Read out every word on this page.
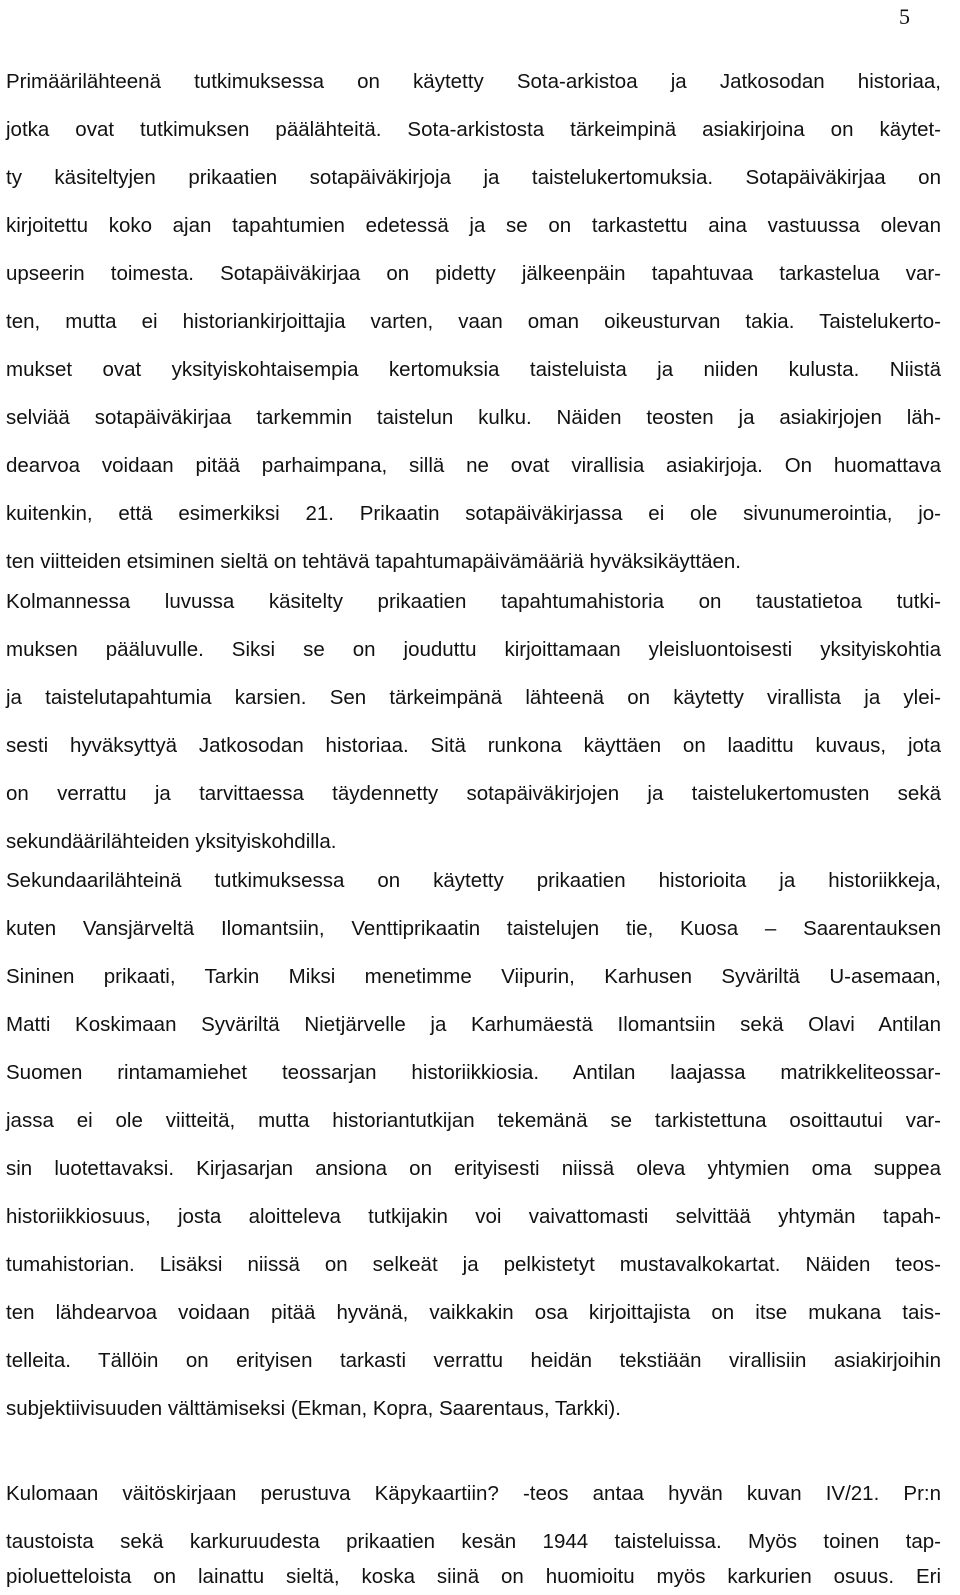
5
Primäärilähteenä tutkimuksessa on käytetty Sota-arkistoa ja Jatkosodan historiaa,
jotka ovat tutkimuksen päälähteitä. Sota-arkistosta tärkeimpinä asiakirjoina on käytet-
ty käsiteltyjen prikaatien sotapäiväkirjoja ja taistelukertomuksia. Sotapäiväkirjaa on
kirjoitettu koko ajan tapahtumien edetessä ja se on tarkastettu aina vastuussa olevan
upseerin toimesta. Sotapäiväkirjaa on pidetty jälkeenpäin tapahtuvaa tarkastelua var-
ten, mutta ei historiankirjoittajia varten, vaan oman oikeusturvan takia. Taistelukerto-
mukset ovat yksityiskohtaisempia kertomuksia taisteluista ja niiden kulusta. Niistä
selviää sotapäiväkirjaa tarkemmin taistelun kulku. Näiden teosten ja asiakirjojen läh-
dearvoa voidaan pitää parhaimpana, sillä ne ovat virallisia asiakirjoja. On huomattava
kuitenkin, että esimerkiksi 21. Prikaatin sotapäiväkirjassa ei ole sivunumerointia, jo-
ten viitteiden etsiminen sieltä on tehtävä tapahtumapäivämääriä hyväksikäyttäen.
Kolmannessa luvussa käsitelty prikaatien tapahtumahistoria on taustatietoa tutki-
muksen pääluvulle. Siksi se on jouduttu kirjoittamaan yleisluontoisesti yksityiskohtia
ja taistelutapahtumia karsien. Sen tärkeimpänä lähteenä on käytetty virallista ja ylei-
sesti hyväksyttyä Jatkosodan historiaa. Sitä runkona käyttäen on laadittu kuvaus, jota
on verrattu ja tarvittaessa täydennetty sotapäiväkirjojen ja taistelukertomusten sekä
sekundäärilähteiden yksityiskohdilla.
Sekundaarilähteinä tutkimuksessa on käytetty prikaatien historioita ja historiikkeja,
kuten Vansjärveltä Ilomantsiin, Venttiprikaatin taistelujen tie, Kuosa – Saarentauksen
Sininen prikaati, Tarkin Miksi menetimme Viipurin, Karhusen Syväriltä U-asemaan,
Matti Koskimaan Syväriltä Nietjärvelle ja Karhumäestä Ilomantsiin sekä Olavi Antilan
Suomen rintamamiehet teossarjan historiikkiosia. Antilan laajassa matrikkeliteossar-
jassa ei ole viitteitä, mutta historiantutkijan tekemänä se tarkistettuna osoittautui var-
sin luotettavaksi. Kirjasarjan ansiona on erityisesti niissä oleva yhtymien oma suppea
historiikkiosuus, josta aloitteleva tutkijakin voi vaivattomasti selvittää yhtymän tapah-
tumahistorian. Lisäksi niissä on selkeät ja pelkistetyt mustavalkokartat. Näiden teos-
ten lähdearvoa voidaan pitää hyvänä, vaikkakin osa kirjoittajista on itse mukana tais-
telleita. Tällöin on erityisen tarkasti verrattu heidän tekstiään virallisiin asiakirjoihin
subjektiivisuuden välttämiseksi (Ekman, Kopra, Saarentaus, Tarkki).
Kulomaan väitöskirjaan perustuva Käpykaartiin? -teos antaa hyvän kuvan IV/21. Pr:n
taustoista sekä karkuruudesta prikaatien kesän 1944 taisteluissa. Myös toinen tap-
pioluetteloista on lainattu sieltä, koska siinä on huomioitu myös karkurien osuus. Eri
